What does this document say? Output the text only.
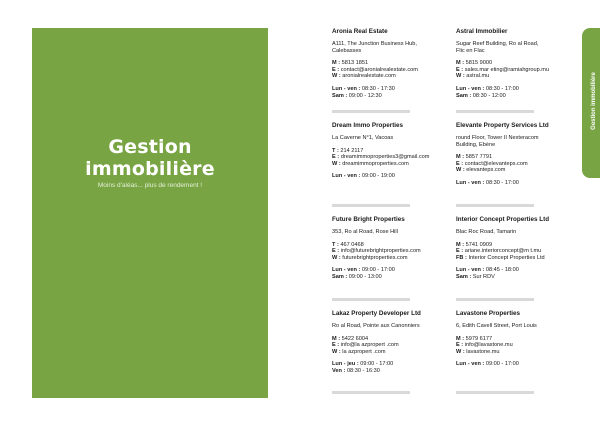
Gestion
immobilière
Moins d'aléas... plus de rendement !
Gestion immobilière
Aronia Real Estate
A111, The Junction Business Hub,
Calebasses
M : 5813 1851
E : contact@aronialrealestate.com
W : aronialrealestate.com
Lun - ven : 08:30 - 17:30
Sam : 09:00 - 12:30
Astral Immobilier
Sugar Reef Building, Ro al Road,
Flic en Flac
M : 5815 9000
E : sales.mar eting@ramiahgroup.mu
W : astral.mu
Lun - ven : 08:30 - 17:00
Sam : 08:30 - 12:00
Dream Immo Properties
La Caverne N°1, Vacoas
T : 214 2117
E : dreamimmoproperties3@gmail.com
W : dreamimmoproperties.com
Lun - ven : 09:00 - 19:00
Elevante Property Services Ltd
round Floor, Tower II Nexteracom
Building, Ebène
M : 5857 7791
E : contact@elevanteps.com
W : elevanteps.com
Lun - ven : 08:30 - 17:00
Future Bright Properties
353, Ro al Road, Rose Hill
T : 467 0468
E : info@futurebrightproperties.com
W : futurebrightproperties.com
Lun - ven : 09:00 - 17:00
Sam : 09:00 - 13:00
Interior Concept Properties Ltd
Blac Roc Road, Tamarin
M : 5741 0909
E : ariane.interiorconcept@m t.mu
FB : Interior Concept Properties Ltd
Lun - ven : 08:45 - 18:00
Sam : Sur RDV
Lakaz Property Developer Ltd
Ro al Road, Pointe aux Canonniers
M : 5422 6004
E : info@la azpropert .com
W : la azpropert .com
Lun - jeu : 09:00 - 17:00
Ven : 08:30 - 16:30
Lavastone Properties
6, Edith Cavell Street, Port Louis
M : 5979 6177
E : info@lavastone.mu
W : lavastone.mu
Lun - ven : 09:00 - 17:00
